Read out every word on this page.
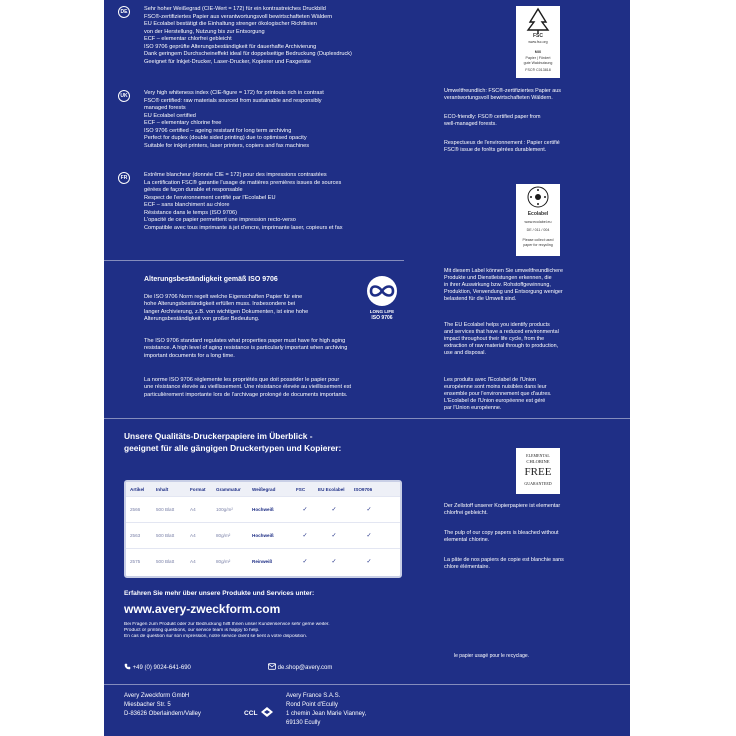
DE	Sehr hoher Weißegrad (CIE-Wert = 172) für ein kontrastreiches Druckbild
FSC®-zertifiziertes Papier aus verantwortungsvoll bewirtschafteten Wäldern
EU Ecolabel bestätigt die Einhaltung strenger ökologischer Richtlinien
von der Herstellung, Nutzung bis zur Entsorgung
ECF – elementar chlorfrei gebleicht
ISO 9706 geprüfte Alterungsbeständigkeit für dauerhafte Archivierung
Dank geringem Durchscheineffekt ideal für doppelseitige Bedruckung (Duplexdruck)
Geeignet für Inkjet-Drucker, Laser-Drucker, Kopierer und Faxgeräte
UK	Very high whiteness index (CIE-figure = 172) for printouts rich in contrast
FSC® certified: raw materials sourced from sustainable and responsibly
managed forests
EU Ecolabel certified
ECF – elementary chlorine free
ISO 9706 certified – ageing resistant for long term archiving
Perfect for duplex (double sided printing) due to optimised opacity
Suitable for inkjet printers, laser printers, copiers and fax machines
FR	Extrême blancheur (donnée CIE = 172) pour des impressions contrastées
La certification FSC® garantie l'usage de matières premières issues de sources
gérées de façon durable et responsable
Respect de l'environnement certifié par l'Ecolabel EU
ECF – sans blanchiment au chlore
Résistance dans le temps (ISO 9706)
L'opacité de ce papier permettent une impression recto-verso
Compatible avec tous imprimante à jet d'encre, imprimante laser, copieurs et fax
Alterungsbeständigkeit gemäß ISO 9706
LONG LIFE
ISO 9706
Die ISO 9706 Norm regelt welche Eigenschaften Papier für eine
hohe Alterungsbeständigkeit erfüllen muss. Insbesondere bei
langer Archivierung, z.B. von wichtigen Dokumenten, ist eine hohe
Alterungsbeständigkeit von großer Bedeutung.
The ISO 9706 standard regulates what properties paper must have for high aging
resistance. A high level of aging resistance is particularly important when archiving
important documents for a long time.
La norme ISO 9706 réglemente les propriétés que doit posséder le papier pour
une résistance élevée au vieillissement. Une résistance élevée au vieillissement est
particulièrement importante lors de l'archivage prolongé de documents importants.
Unsere Qualitäts-Druckerpapiere im Überblick -
geeignet für alle gängigen Druckertypen und Kopierer:
Artikel	Inhalt	Format	Grammatur	Weißegrad	FSC	EU Ecolabel	ISO9706
2566	500 Blatt	A4	100g/m²	Hochweiß	✓	✓	✓
2563	500 Blatt	A4	80g/m²	Hochweiß	✓	✓	✓
2575	500 Blatt	A4	80g/m²	Reinweiß	✓	✓	✓
Erfahren Sie mehr über unsere Produkte und Services unter:
www.avery-zweckform.com
Bei Fragen zum Produkt oder zur Bedruckung hilft Ihnen unser Kundenservice sehr gerne weiter.
Product or printing questions, our service team is happy to help.
En cas de question sur son impression, notre service client se tient à votre disposition.
+49 (0) 9024-641-690	de.shop@avery.com
Avery Zweckform GmbH
Miesbacher Str. 5
D-83626 Oberlaindern/Valley	CCL
Avery France S.A.S.
Rond Point d'Ecully
1 chemin Jean Marie Vianney,
69130 Ecully
FSC
www.fsc.org
MIX
Papier | Fördert
gute Waldnutzung
FSC® C013818
Umweltfreundlich: FSC®-zertifiziertes Papier aus
verantwortungsvoll bewirtschafteten Wäldern.
ECO-friendly: FSC® certified paper from
well-managed forests.
Respectueux de l'environnement : Papier certifié
FSC® issue de forêts gérées durablement.
Ecolabel
www.ecolabel.eu
DE / 011 / 004
Please collect used
paper for recycling
Mit diesem Label können Sie umweltfreundlichere
Produkte und Dienstleistungen erkennen, die
in ihrer Auswirkung bzw. Rohstoffgewinnung,
Produktion, Verwendung und Entsorgung weniger
belastend für die Umwelt sind.
The EU Ecolabel helps you identify products
and services that have a reduced environmental
impact throughout their life cycle, from the
extraction of raw material through to production,
use and disposal.
Les produits avec l'Ecolabel de l'Union
européenne sont moins nuisibles dans leur
ensemble pour l'environnement que d'autres.
L'Ecolabel de l'Union européenne est géré
par l'Union européenne.
ELEMENTAL
CHLORINE
FREE
GUARANTEED
Der Zellstoff unserer Kopierpapiere ist elementar
chlorfrei gebleicht.
The pulp of our copy papers is bleached without
elemental chlorine.
La pâte de nos papiers de copie est blanchie sans
chlore élémentaire.
le papier usagé pour le recyclage.
